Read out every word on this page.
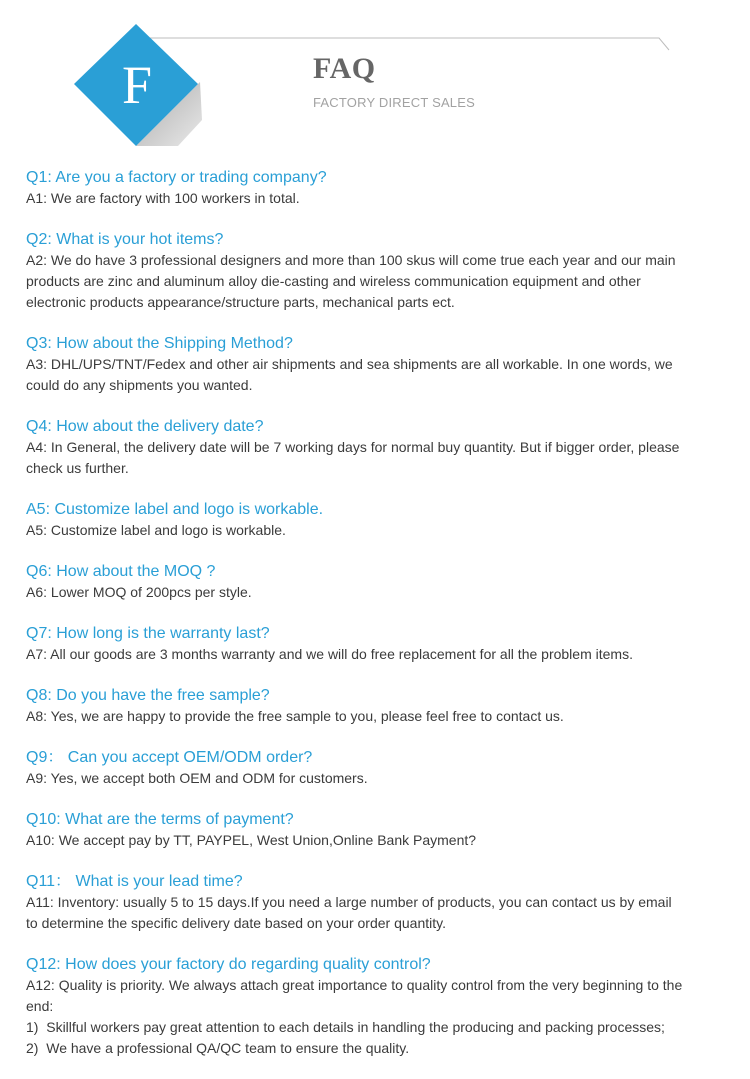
F	FAQ
FACTORY DIRECT SALES
Q1: Are you a factory or trading company?
A1: We are factory with 100 workers in total.
Q2: What is your hot items?
A2: We do have 3 professional designers and more than 100 skus will come true each year and our main
products are zinc and aluminum alloy die-casting and wireless communication equipment and other
electronic products appearance/structure parts, mechanical parts ect.
Q3: How about the Shipping Method?
A3: DHL/UPS/TNT/Fedex and other air shipments and sea shipments are all workable. In one words, we
could do any shipments you wanted.
Q4: How about the delivery date?
A4: In General, the delivery date will be 7 working days for normal buy quantity. But if bigger order, please
check us further.
A5: Customize label and logo is workable.
A5: Customize label and logo is workable.
Q6: How about the MOQ ?
A6: Lower MOQ of 200pcs per style.
Q7: How long is the warranty last?
A7: All our goods are 3 months warranty and we will do free replacement for all the problem items.
Q8: Do you have the free sample?
A8: Yes, we are happy to provide the free sample to you, please feel free to contact us.
Q9： Can you accept OEM/ODM order?
A9: Yes, we accept both OEM and ODM for customers.
Q10: What are the terms of payment?
A10: We accept pay by TT, PAYPEL, West Union,Online Bank Payment?
Q11： What is your lead time?
A11: Inventory: usually 5 to 15 days.If you need a large number of products, you can contact us by email
to determine the specific delivery date based on your order quantity.
Q12: How does your factory do regarding quality control?
A12: Quality is priority. We always attach great importance to quality control from the very beginning to the
end:
1)  Skillful workers pay great attention to each details in handling the producing and packing processes;
2)  We have a professional QA/QC team to ensure the quality.
